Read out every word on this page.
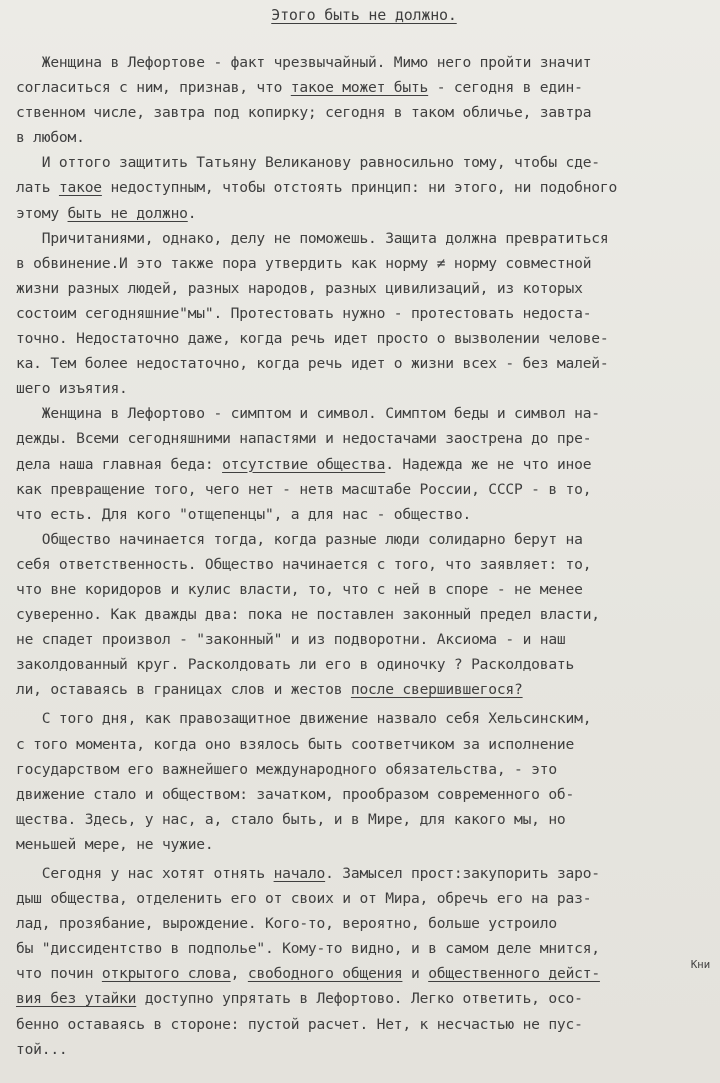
Этого быть не должно.

Женщина в Лефортове - факт чрезвычайный. Мимо него пройти значит

согласиться с ним, признав, что такое может быть - сегодня в един-

ственном числе, завтра под копирку; сегодня в таком обличье, завтра

в любом.

И оттого защитить Татьяну Великанову равносильно тому, чтобы сде-

лать такое недоступным, чтобы отстоять принцип: ни этого, ни подобного

этому быть не должно.

Причитаниями, однако, делу не поможешь. Защита должна превратиться

в обвинение.И это также пора утвердить как норму ≠ норму совместной

жизни разных людей, разных народов, разных цивилизаций, из которых

состоим сегодняшние"мы". Протестовать нужно - протестовать недоста-

точно. Недостаточно даже, когда речь идет просто о вызволении челове-

ка. Тем более недостаточно, когда речь идет о жизни всех - без малей-

шего изъятия.

Женщина в Лефортово - симптом и символ. Симптом беды и символ на-

дежды. Всеми сегодняшними напастями и недостачами заострена до пре-

дела наша главная беда: отсутствие общества. Надежда же не что иное

как превращение того, чего нет - нетв масштабе России, СССР - в то,

что есть. Для кого "отщепенцы", а для нас - общество.

Общество начинается тогда, когда разные люди солидарно берут на

себя ответственность. Общество начинается с того, что заявляет: то,

что вне коридоров и кулис власти, то, что с ней в споре - не менее

суверенно. Как дважды два: пока не поставлен законный предел власти,

не спадет произвол - "законный" и из подворотни. Аксиома - и наш

заколдованный круг. Расколдовать ли его в одиночку ? Расколдовать

ли, оставаясь в границах слов и жестов после свершившегося?

С того дня, как правозащитное движение назвало себя Хельсинским,

с того момента, когда оно взялось быть соответчиком за исполнение

государством его важнейшего международного обязательства, - это

движение стало и обществом: зачатком, прообразом современного об-

щества. Здесь, у нас, а, стало быть, и в Мире, для какого мы, но

меньшей мере, не чужие.

Сегодня у нас хотят отнять начало. Замысел прост:закупорить заро-

дыш общества, отделенить его от своих и от Мира, обречь его на раз-

лад, прозябание, вырождение. Кого-то, вероятно, больше устроило

бы "диссидентство в подполье". Кому-то видно, и в самом деле мнится,

что почин открытого слова, свободного общения и общественного дейст-

вия без утайки доступно упрятать в Лефортово. Легко ответить, осо-

бенно оставаясь в стороне: пустой расчет. Нет, к несчастью не пус-

той...

Кни
